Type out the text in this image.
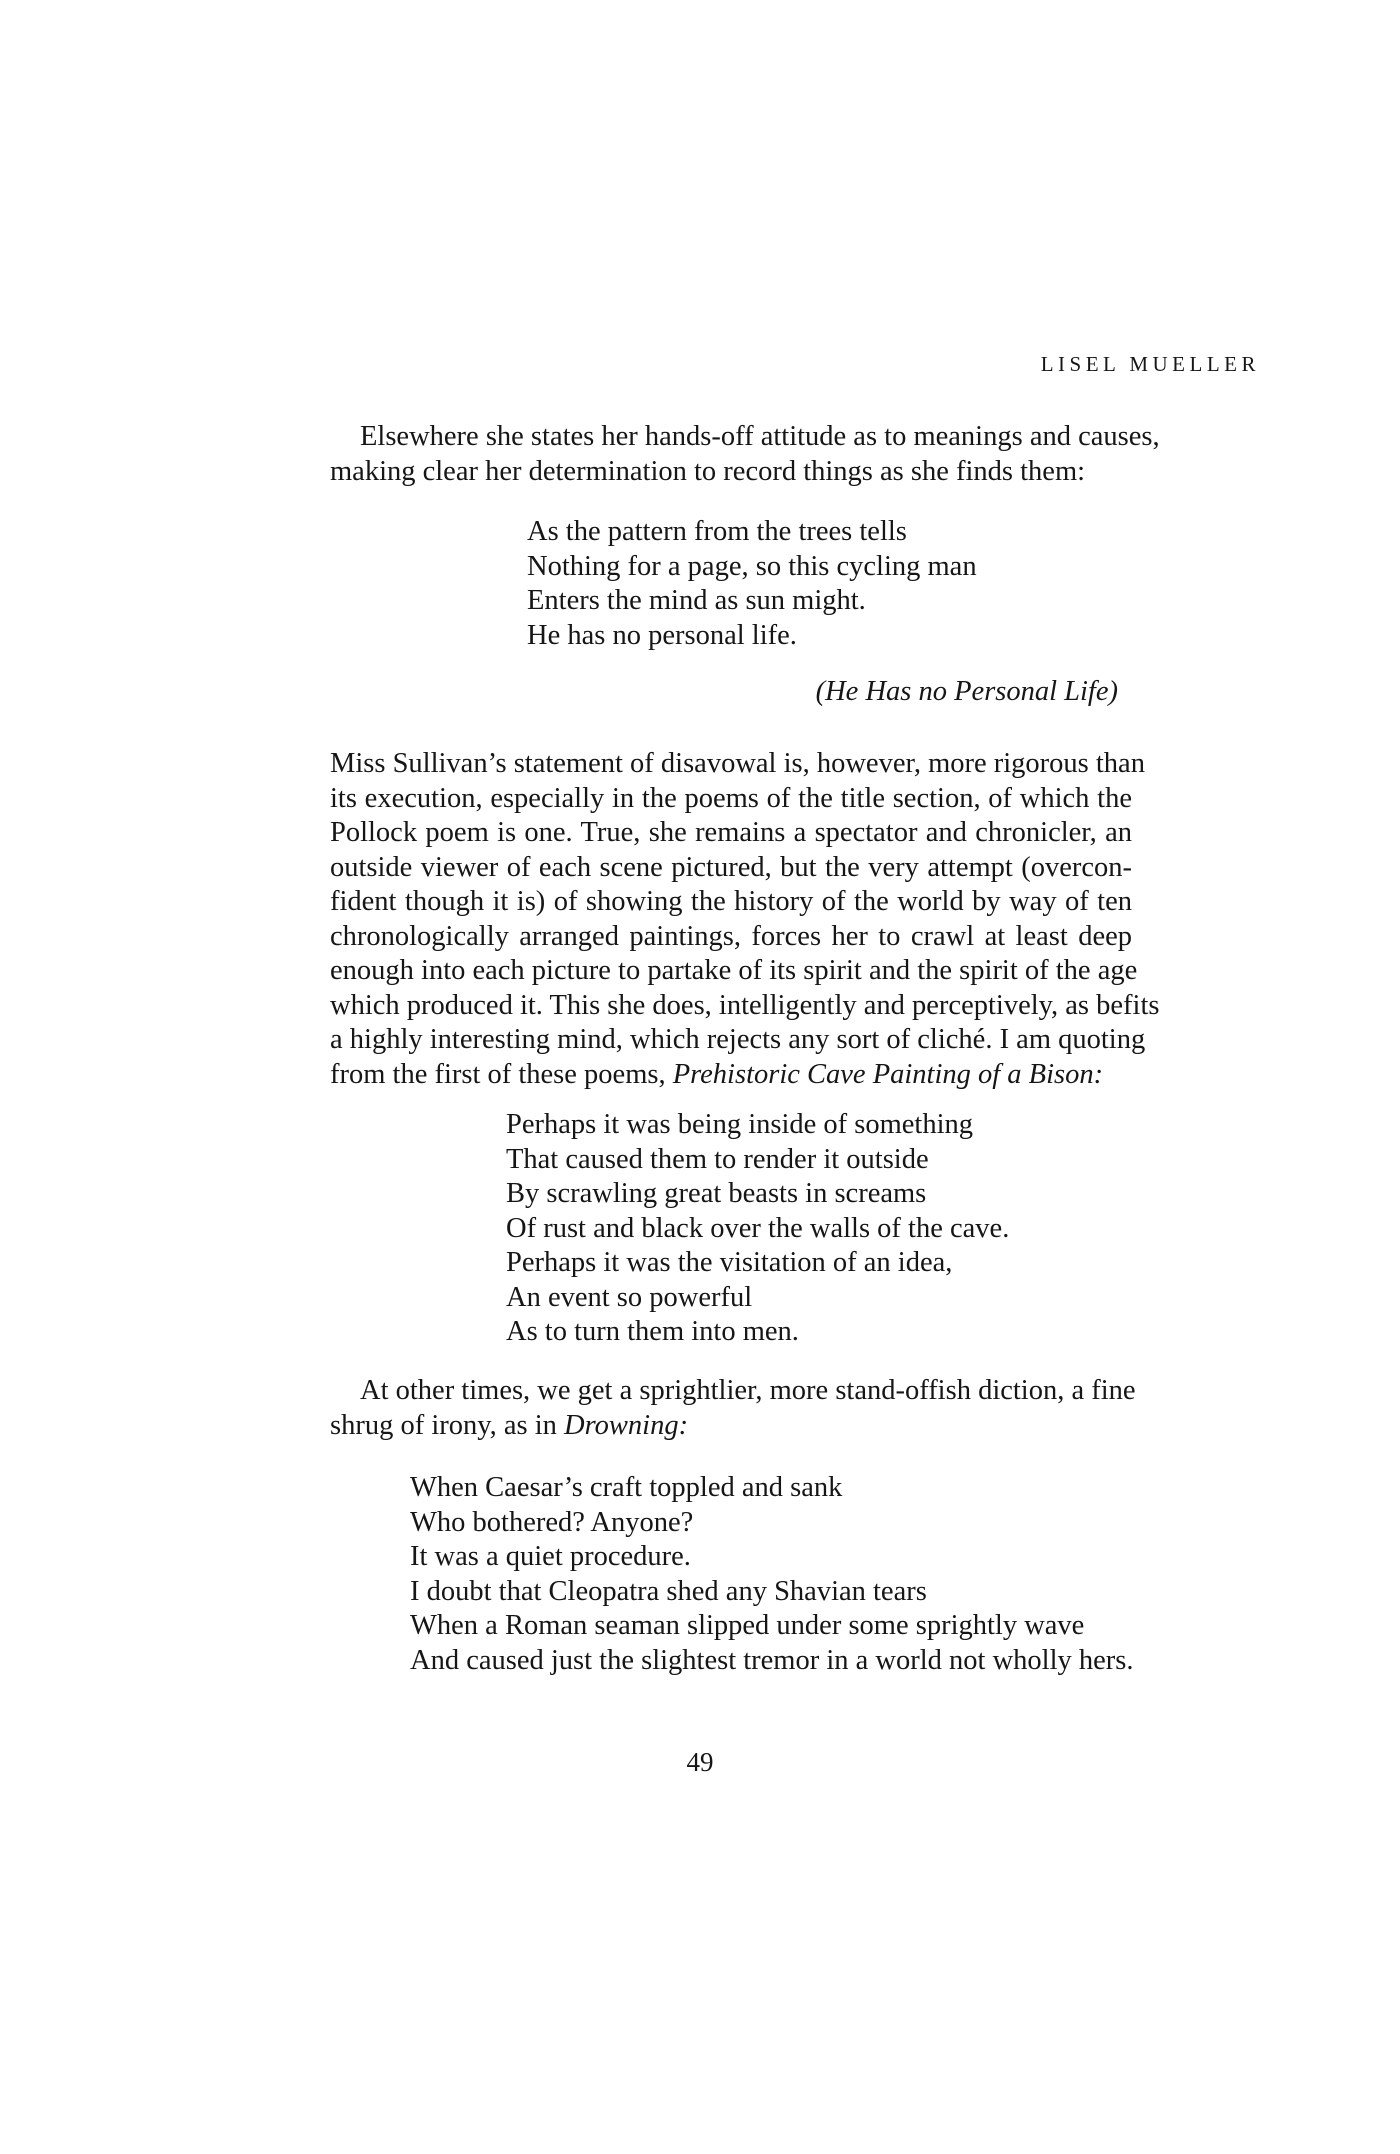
LISEL MUELLER
Elsewhere she states her hands-off attitude as to meanings and causes,
making clear her determination to record things as she finds them:
As the pattern from the trees tells
Nothing for a page, so this cycling man
Enters the mind as sun might.
He has no personal life.
(He Has no Personal Life)
Miss Sullivan’s statement of disavowal is, however, more rigorous than
its execution, especially in the poems of the title section, of which the
Pollock poem is one. True, she remains a spectator and chronicler, an
outside viewer of each scene pictured, but the very attempt (overcon-
fident though it is) of showing the history of the world by way of ten
chronologically arranged paintings, forces her to crawl at least deep
enough into each picture to partake of its spirit and the spirit of the age
which produced it. This she does, intelligently and perceptively, as befits
a highly interesting mind, which rejects any sort of cliché. I am quoting
from the first of these poems, Prehistoric Cave Painting of a Bison:
Perhaps it was being inside of something
That caused them to render it outside
By scrawling great beasts in screams
Of rust and black over the walls of the cave.
Perhaps it was the visitation of an idea,
An event so powerful
As to turn them into men.
At other times, we get a sprightlier, more stand-offish diction, a fine
shrug of irony, as in Drowning:
When Caesar’s craft toppled and sank
Who bothered? Anyone?
It was a quiet procedure.
I doubt that Cleopatra shed any Shavian tears
When a Roman seaman slipped under some sprightly wave
And caused just the slightest tremor in a world not wholly hers.
49
